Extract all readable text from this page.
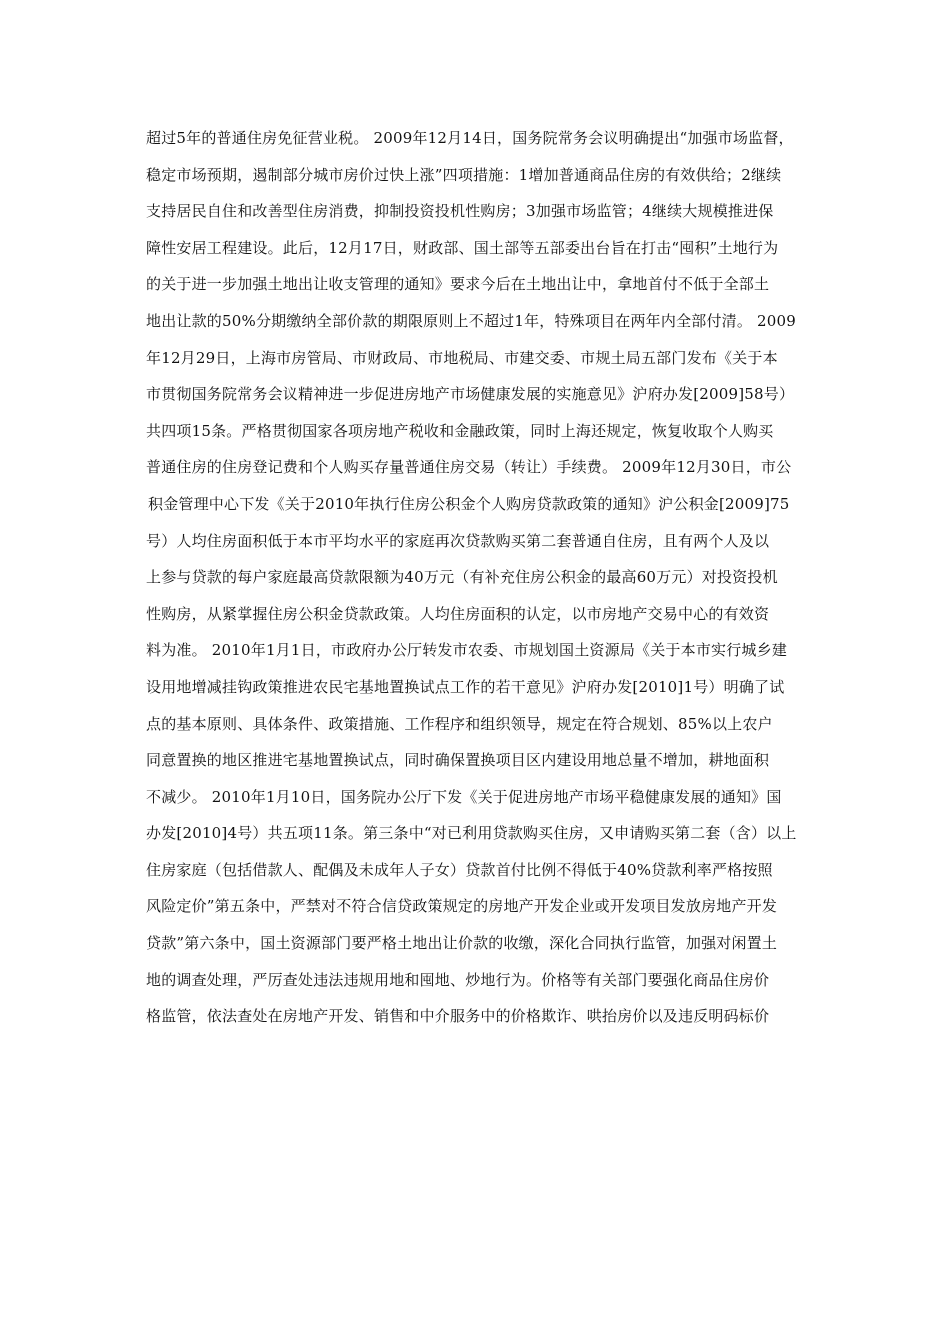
超过5年的普通住房免征营业税。 2009年12月14日，国务院常务会议明确提出“加强市场监督，
稳定市场预期，遏制部分城市房价过快上涨”四项措施：1增加普通商品住房的有效供给；2继续
支持居民自住和改善型住房消费，抑制投资投机性购房；3加强市场监管；4继续大规模推进保
障性安居工程建设。此后，12月17日，财政部、国土部等五部委出台旨在打击“囤积”土地行为
的关于进一步加强土地出让收支管理的通知》要求今后在土地出让中，拿地首付不低于全部土
地出让款的50%分期缴纳全部价款的期限原则上不超过1年，特殊项目在两年内全部付清。 2009
年12月29日，上海市房管局、市财政局、市地税局、市建交委、市规土局五部门发布《关于本
市贯彻国务院常务会议精神进一步促进房地产市场健康发展的实施意见》沪府办发[2009]58号）
共四项15条。严格贯彻国家各项房地产税收和金融政策，同时上海还规定，恢复收取个人购买
普通住房的住房登记费和个人购买存量普通住房交易（转让）手续费。 2009年12月30日，市公
积金管理中心下发《关于2010年执行住房公积金个人购房贷款政策的通知》沪公积金[2009]75
号）人均住房面积低于本市平均水平的家庭再次贷款购买第二套普通自住房，且有两个人及以
上参与贷款的每户家庭最高贷款限额为40万元（有补充住房公积金的最高60万元）对投资投机
性购房，从紧掌握住房公积金贷款政策。人均住房面积的认定，以市房地产交易中心的有效资
料为准。 2010年1月1日，市政府办公厅转发市农委、市规划国土资源局《关于本市实行城乡建
设用地增减挂钩政策推进农民宅基地置换试点工作的若干意见》沪府办发[2010]1号）明确了试
点的基本原则、具体条件、政策措施、工作程序和组织领导，规定在符合规划、85%以上农户
同意置换的地区推进宅基地置换试点，同时确保置换项目区内建设用地总量不增加，耕地面积
不减少。 2010年1月10日，国务院办公厅下发《关于促进房地产市场平稳健康发展的通知》国
办发[2010]4号）共五项11条。第三条中“对已利用贷款购买住房，又申请购买第二套（含）以上
住房家庭（包括借款人、配偶及未成年人子女）贷款首付比例不得低于40%贷款利率严格按照
风险定价”第五条中，严禁对不符合信贷政策规定的房地产开发企业或开发项目发放房地产开发
贷款”第六条中，国土资源部门要严格土地出让价款的收缴，深化合同执行监管，加强对闲置土
地的调查处理，严厉查处违法违规用地和囤地、炒地行为。价格等有关部门要强化商品住房价
格监管，依法查处在房地产开发、销售和中介服务中的价格欺诈、哄抬房价以及违反明码标价
